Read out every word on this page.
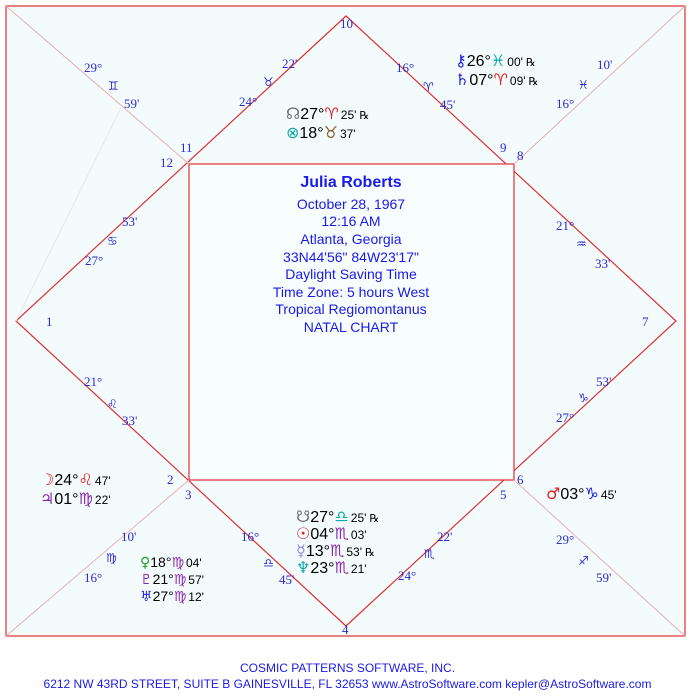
1
2
3
4
5
6
7
8
9
10
11
12
29°
♊
59'
22'
♉
24°
16°
♈
45'
10'
♓
16°
53'
♋
27°
21°
♒
33'
21°
♌
33'
53'
♑
27°
10'
♍
16°
16°
♎
45'
22'
♏
24°
29°
♐
59'
Julia Roberts
October 28, 1967
12:16 AM
Atlanta, Georgia
33N44'56" 84W23'17"
Daylight Saving Time
Time Zone: 5 hours West
Tropical Regiomontanus
NATAL CHART
⚷26°♓ 00' ℞
♄07°♈ 09' ℞
☊27°♈ 25' ℞
⊗18°♉ 37'
☽24°♌ 47'
♃01°♍ 22'
♀18°♍ 04'
♇21°♍ 57'
♅27°♍ 12'
☋27°♎ 25' ℞
☉04°♏ 03'
☿13°♏ 53' ℞
♆23°♏ 21'
♂03°♑ 45'
COSMIC PATTERNS SOFTWARE, INC.
6212 NW 43RD STREET, SUITE B GAINESVILLE, FL 32653 www.AstroSoftware.com kepler@AstroSoftware.com
